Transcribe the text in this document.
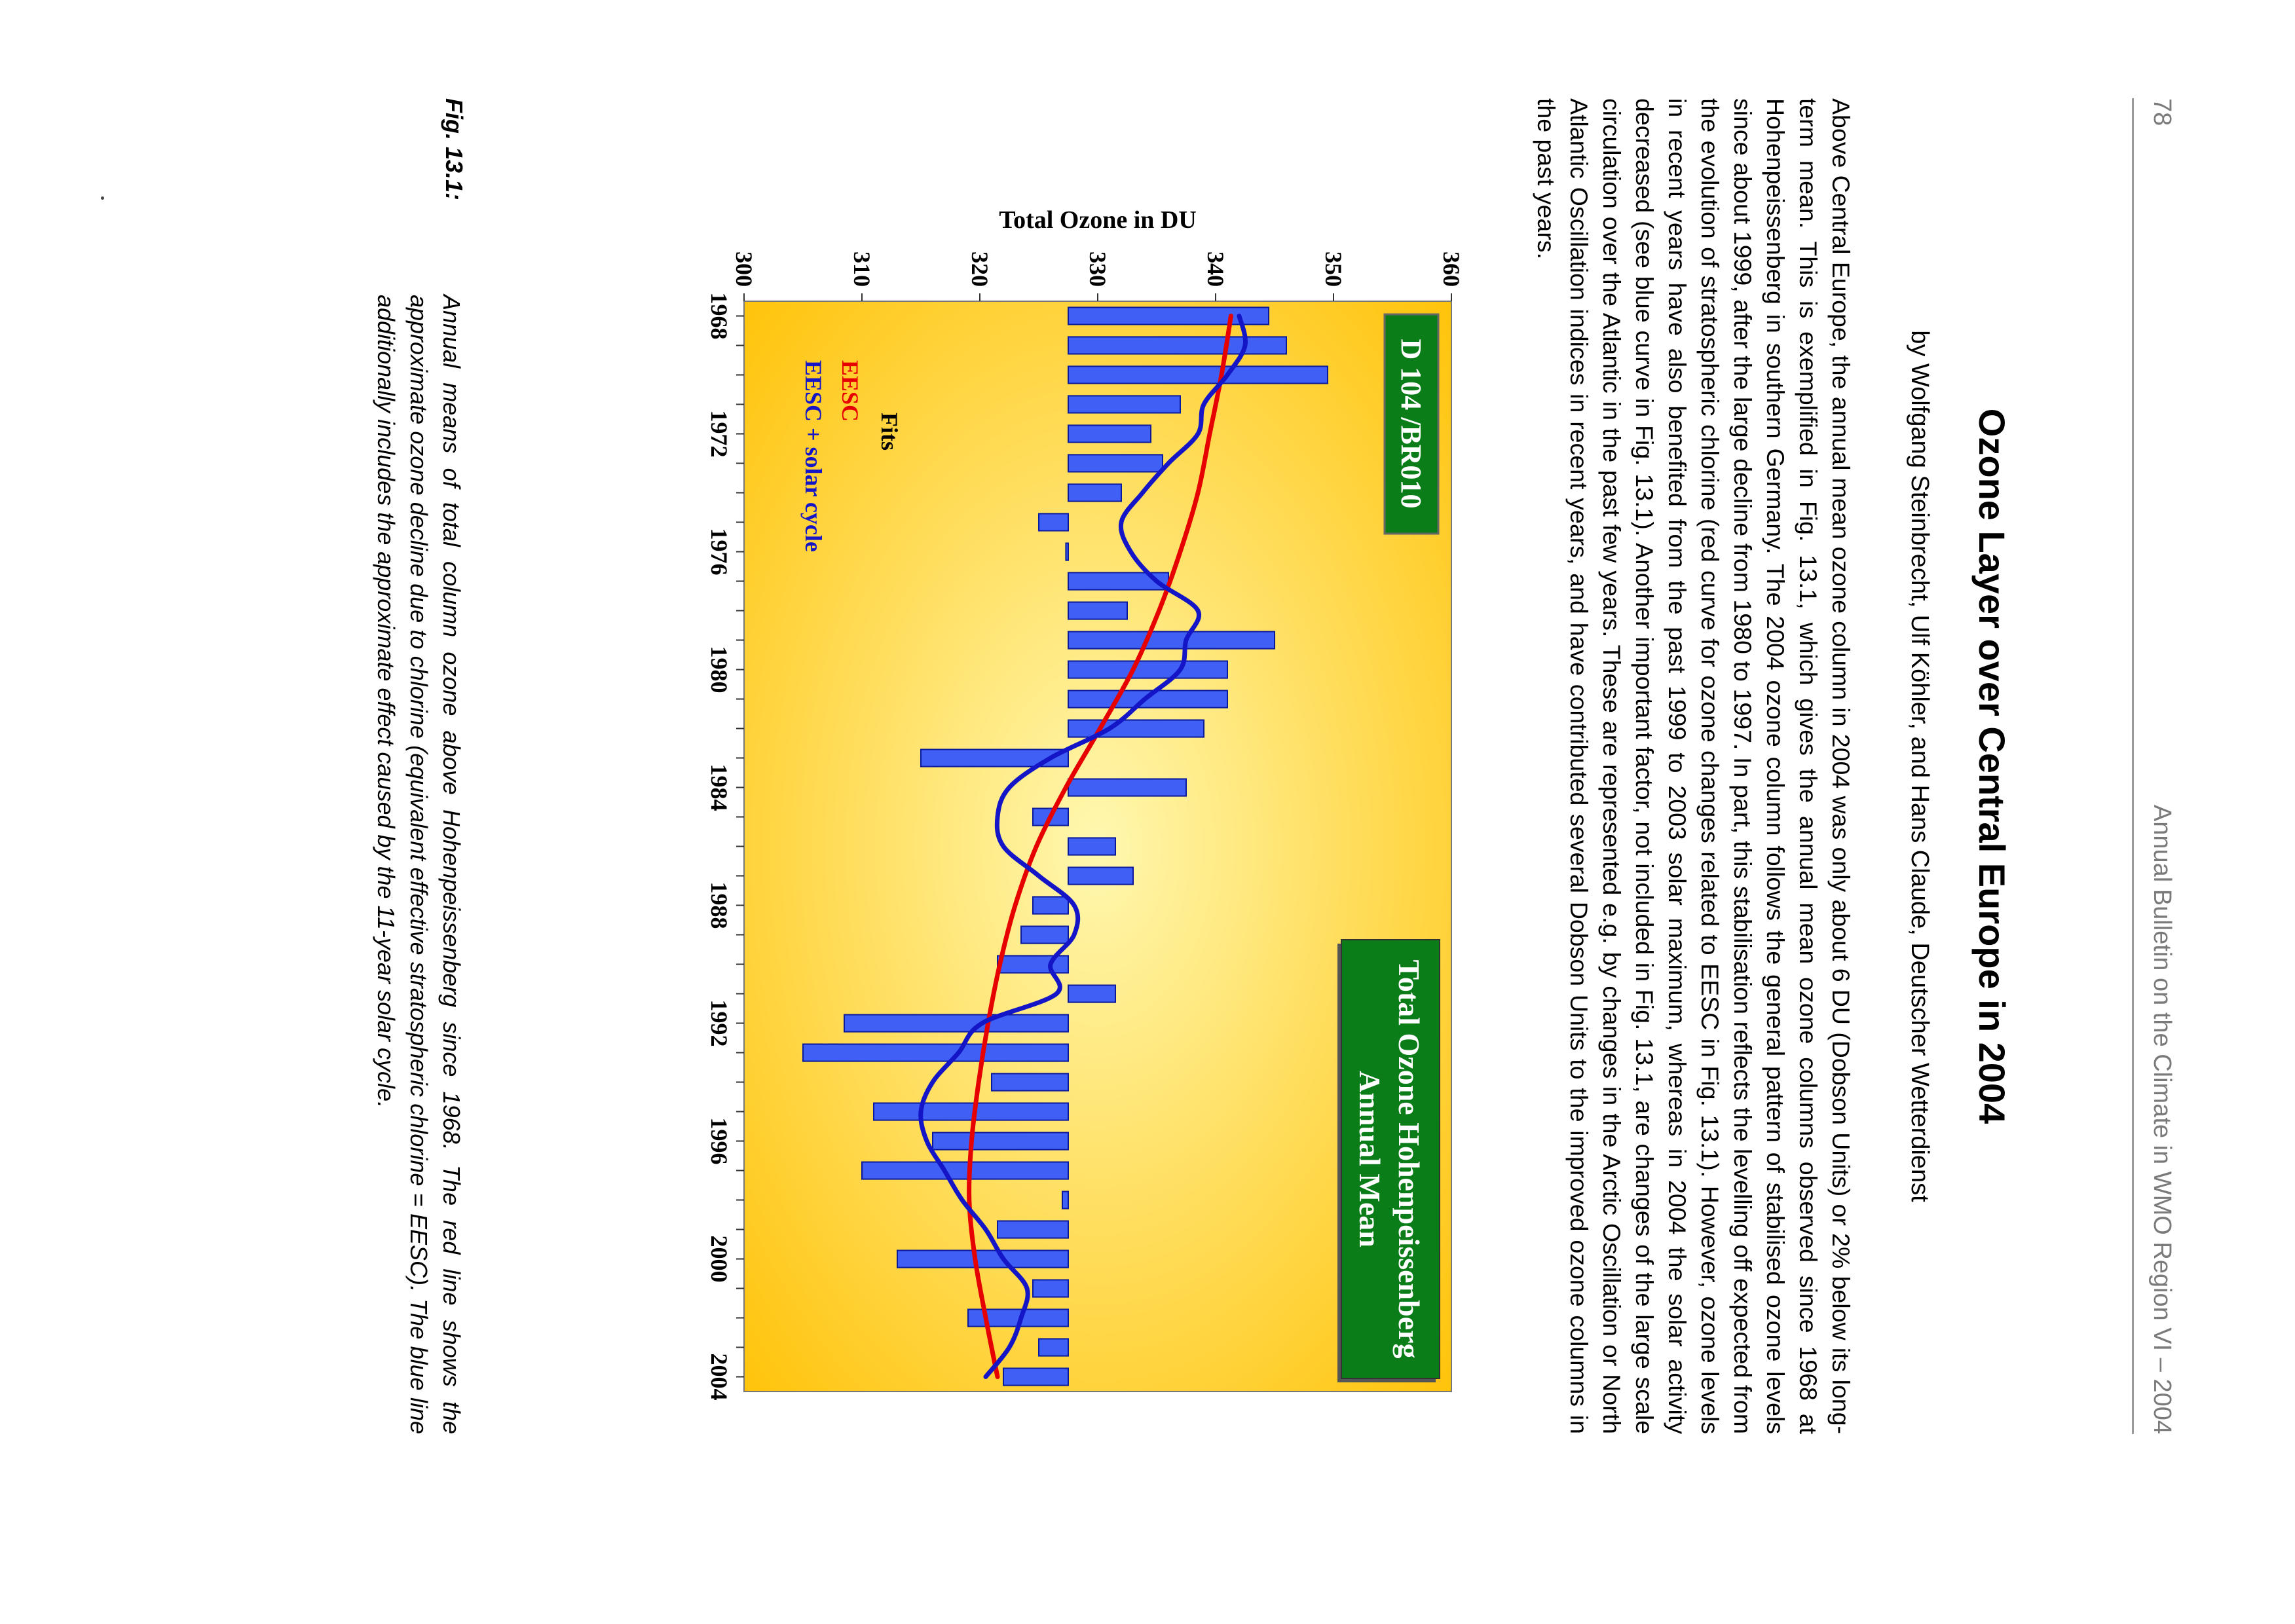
78
Annual Bulletin on the Climate in WMO Region VI – 2004
Ozone Layer over Central Europe in 2004
by Wolfgang Steinbrecht, Ulf Köhler, and Hans Claude, Deutscher Wetterdienst
Above Central Europe, the annual mean ozone column in 2004 was only about 6 DU (Dobson Units) or 2% below its long-term mean. This is exemplified in Fig. 13.1, which gives the annual mean ozone columns observed since 1968 at Hohenpeissenberg in southern Germany. The 2004 ozone column follows the general pattern of stabilised ozone levels since about 1999, after the large decline from 1980 to 1997. In part, this stabilisation reflects the levelling off expected from the evolution of stratospheric chlorine (red curve for ozone changes related to EESC in Fig. 13.1). However, ozone levels in recent years have also benefited from the past 1999 to 2003 solar maximum, whereas in 2004 the solar activity decreased (see blue curve in Fig. 13.1). Another important factor, not included in Fig. 13.1, are changes of the large scale circulation over the Atlantic in the past few years. These are represented e.g. by changes in the Arctic Oscillation or North Atlantic Oscillation indices in recent years, and have contributed several Dobson Units to the improved ozone columns in the past years.
300	310	320	330	340	350	360
1968
1972
1976
1980
1984
1988
1992
1996
2000
2004
Total Ozone in DU
D 104 /BR010
Total Ozone Hohenpeissenberg
Annual Mean
Fits
EESC
EESC + solar cycle
Fig. 13.1:
Annual means of total column ozone above Hohenpeissenberg since 1968. The red line shows the approximate ozone decline due to chlorine (equivalent effective stratospheric chlorine = EESC). The blue line additionally includes the approximate effect caused by the 11-year solar cycle.
